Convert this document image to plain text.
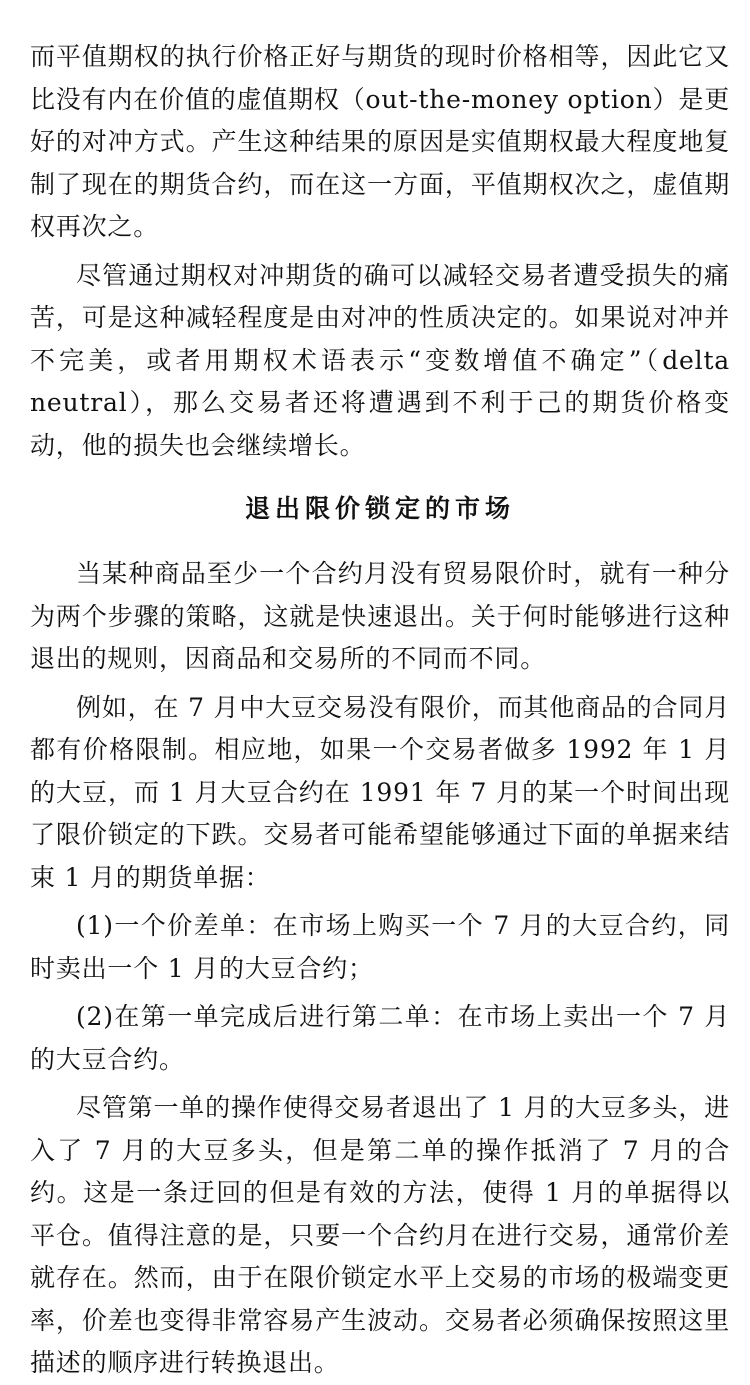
而平值期权的执行价格正好与期货的现时价格相等，因此它又比没有内在价值的虚值期权（out-the-money option）是更好的对冲方式。产生这种结果的原因是实值期权最大程度地复制了现在的期货合约，而在这一方面，平值期权次之，虚值期权再次之。

尽管通过期权对冲期货的确可以减轻交易者遭受损失的痛苦，可是这种减轻程度是由对冲的性质决定的。如果说对冲并不完美，或者用期权术语表示“变数增值不确定”（delta neutral），那么交易者还将遭遇到不利于己的期货价格变动，他的损失也会继续增长。

退出限价锁定的市场

当某种商品至少一个合约月没有贸易限价时，就有一种分为两个步骤的策略，这就是快速退出。关于何时能够进行这种退出的规则，因商品和交易所的不同而不同。

例如，在 7 月中大豆交易没有限价，而其他商品的合同月都有价格限制。相应地，如果一个交易者做多 1992 年 1 月的大豆，而 1 月大豆合约在 1991 年 7 月的某一个时间出现了限价锁定的下跌。交易者可能希望能够通过下面的单据来结束 1 月的期货单据：

(1)一个价差单：在市场上购买一个 7 月的大豆合约，同时卖出一个 1 月的大豆合约；

(2)在第一单完成后进行第二单：在市场上卖出一个 7 月的大豆合约。

尽管第一单的操作使得交易者退出了 1 月的大豆多头，进入了 7 月的大豆多头，但是第二单的操作抵消了 7 月的合约。这是一条迂回的但是有效的方法，使得 1 月的单据得以平仓。值得注意的是，只要一个合约月在进行交易，通常价差就存在。然而，由于在限价锁定水平上交易的市场的极端变更率，价差也变得非常容易产生波动。交易者必须确保按照这里描述的顺序进行转换退出。
